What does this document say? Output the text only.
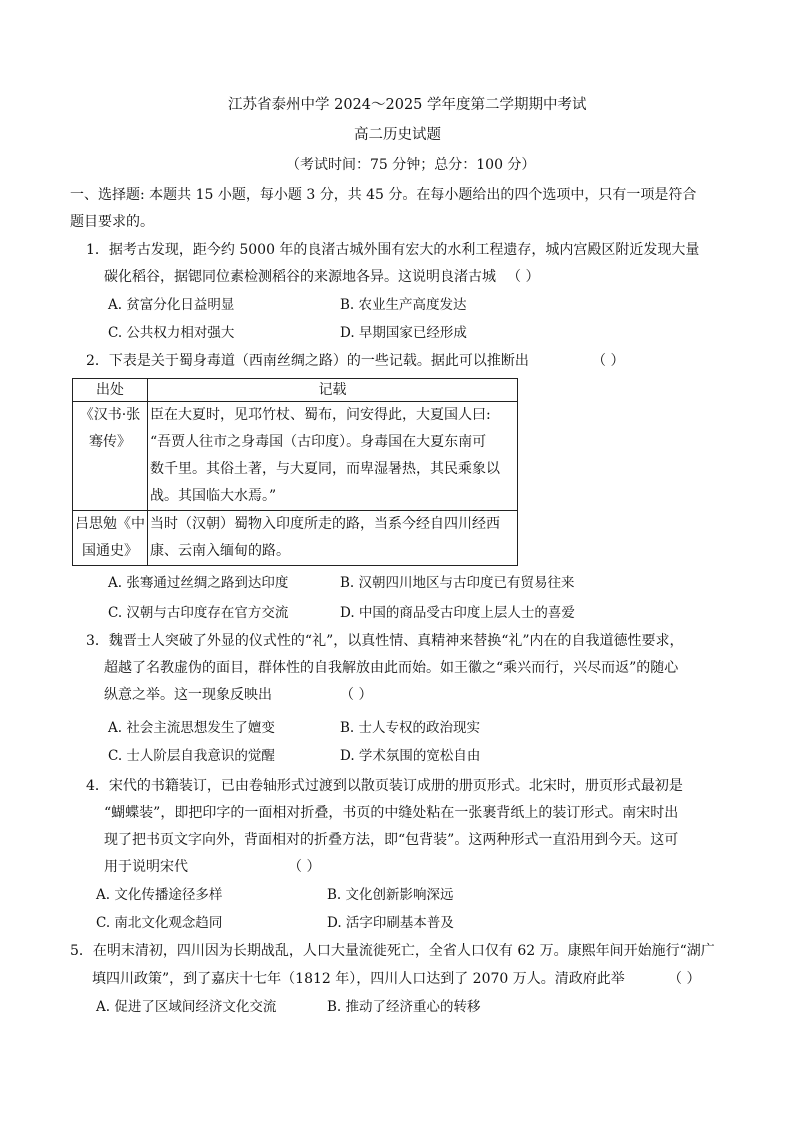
江苏省泰州中学 2024～2025 学年度第二学期期中考试
高二历史试题
（考试时间：75 分钟；总分：100 分）
一、选择题: 本题共 15 小题，每小题 3 分，共 45 分。在每小题给出的四个选项中，只有一项是符合
题目要求的。
1．据考古发现，距今约 5000 年的良渚古城外围有宏大的水利工程遗存，城内宫殿区附近发现大量
碳化稻谷，据锶同位素检测稻谷的来源地各异。这说明良渚古城 （ ）
A. 贫富分化日益明显	B. 农业生产高度发达
C. 公共权力相对强大	D. 早期国家已经形成
2．下表是关于蜀身毒道（西南丝绸之路）的一些记载。据此可以推断出	（ ）
出处	记载

《汉书·张
骞传》	臣在大夏时，见邛竹杖、蜀布，问安得此，大夏国人曰:
“吾贾人往市之身毒国（古印度）。身毒国在大夏东南可
数千里。其俗土著，与大夏同，而卑湿暑热，其民乘象以
战。其国临大水焉。”

吕思勉《中
国通史》	当时（汉朝）蜀物入印度所走的路，当系今经自四川经西
康、云南入缅甸的路。
A. 张骞通过丝绸之路到达印度	B. 汉朝四川地区与古印度已有贸易往来
C. 汉朝与古印度存在官方交流	D. 中国的商品受古印度上层人士的喜爱
3．魏晋士人突破了外显的仪式性的“礼”，以真性情、真精神来替换“礼”内在的自我道德性要求，
超越了名教虚伪的面目，群体性的自我解放由此而始。如王徽之“乘兴而行，兴尽而返”的随心
纵意之举。这一现象反映出	（ ）
A. 社会主流思想发生了嬗变	B. 士人专权的政治现实
C. 士人阶层自我意识的觉醒	D. 学术氛围的宽松自由
4．宋代的书籍装订，已由卷轴形式过渡到以散页装订成册的册页形式。北宋时，册页形式最初是
“蝴蝶装”，即把印字的一面相对折叠，书页的中缝处粘在一张裹背纸上的装订形式。南宋时出
现了把书页文字向外，背面相对的折叠方法，即“包背装”。这两种形式一直沿用到今天。这可
用于说明宋代	（ ）
A. 文化传播途径多样	B. 文化创新影响深远
C. 南北文化观念趋同	D. 活字印刷基本普及
5．在明末清初，四川因为长期战乱，人口大量流徙死亡，全省人口仅有 62 万。康熙年间开始施行“湖广
填四川政策”，到了嘉庆十七年（1812 年），四川人口达到了 2070 万人。清政府此举	（ ）
A. 促进了区域间经济文化交流	B. 推动了经济重心的转移
